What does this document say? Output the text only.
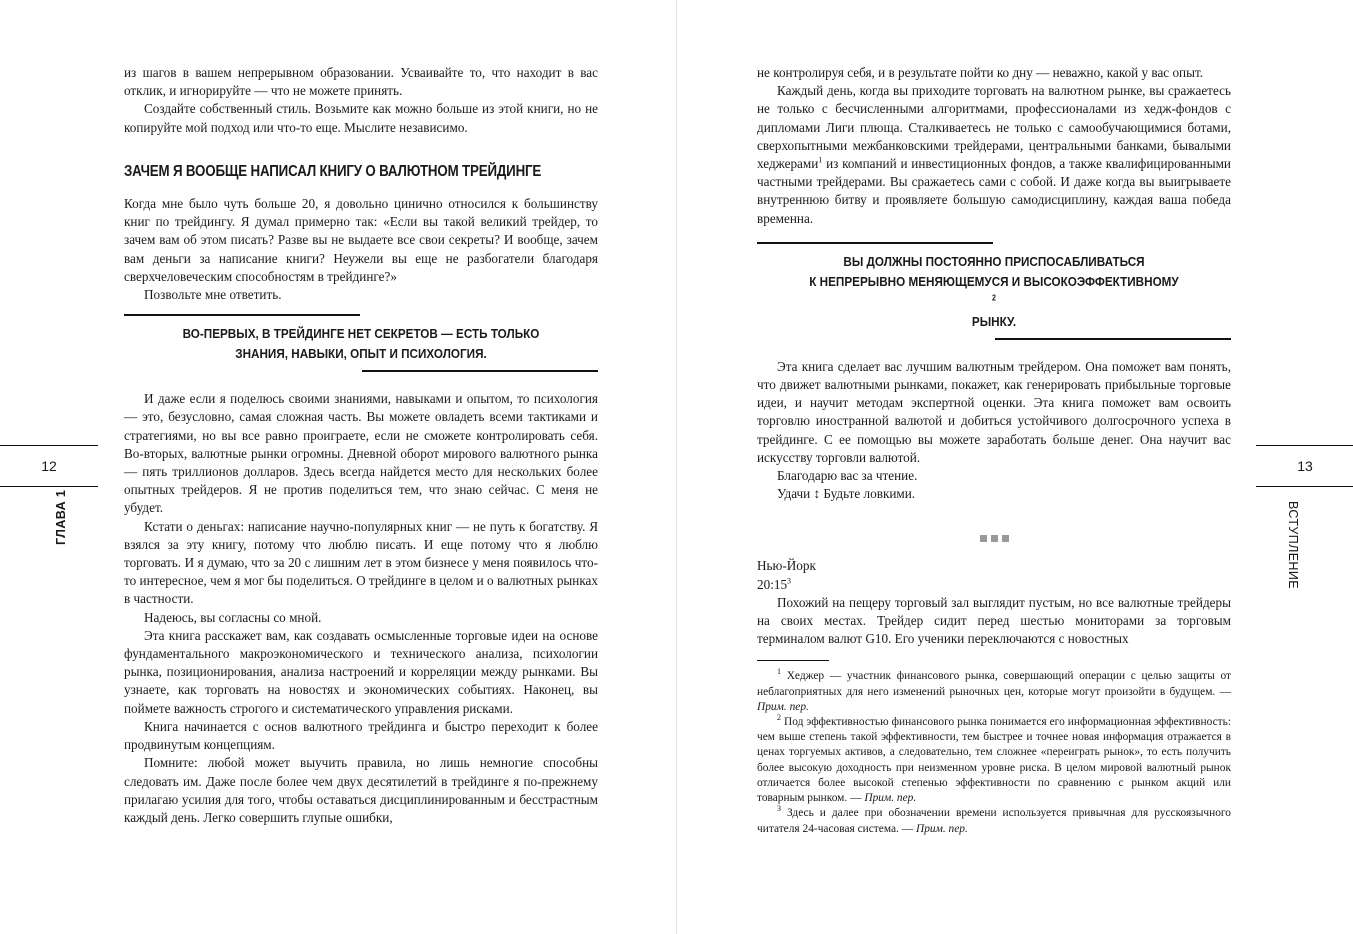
из шагов в вашем непрерывном образовании. Усваивайте то, что находит в вас отклик, и игнорируйте — что не можете принять.

Создайте собственный стиль. Возьмите как можно больше из этой книги, но не копируйте мой подход или что-то еще. Мыслите независимо.

ЗАЧЕМ Я ВООБЩЕ НАПИСАЛ КНИГУ О ВАЛЮТНОМ ТРЕЙДИНГЕ

Когда мне было чуть больше 20, я довольно цинично относился к большинству книг по трейдингу. Я думал примерно так: «Если вы такой великий трейдер, то зачем вам об этом писать? Разве вы не выдаете все свои секреты? И вообще, зачем вам деньги за написание книги? Неужели вы еще не разбогатели благодаря сверхчеловеческим способностям в трейдинге?»

Позвольте мне ответить.

ВО-ПЕРВЫХ, В ТРЕЙДИНГЕ НЕТ СЕКРЕТОВ — ЕСТЬ ТОЛЬКО
ЗНАНИЯ, НАВЫКИ, ОПЫТ И ПСИХОЛОГИЯ.

И даже если я поделюсь своими знаниями, навыками и опытом, то психология — это, безусловно, самая сложная часть. Вы можете овладеть всеми тактиками и стратегиями, но вы все равно проиграете, если не сможете контролировать себя. Во-вторых, валютные рынки огромны. Дневной оборот мирового валютного рынка — пять триллионов долларов. Здесь всегда найдется место для нескольких более опытных трейдеров. Я не против поделиться тем, что знаю сейчас. С меня не убудет.

Кстати о деньгах: написание научно-популярных книг — не путь к богатству. Я взялся за эту книгу, потому что люблю писать. И еще потому что я люблю торговать. И я думаю, что за 20 с лишним лет в этом бизнесе у меня появилось что-то интересное, чем я мог бы поделиться. О трейдинге в целом и о валютных рынках в частности.

Надеюсь, вы согласны со мной.

Эта книга расскажет вам, как создавать осмысленные торговые идеи на основе фундаментального макроэкономического и технического анализа, психологии рынка, позиционирования, анализа настроений и корреляции между рынками. Вы узнаете, как торговать на новостях и экономических событиях. Наконец, вы поймете важность строгого и систематического управления рисками.

Книга начинается с основ валютного трейдинга и быстро переходит к более продвинутым концепциям.

Помните: любой может выучить правила, но лишь немногие способны следовать им. Даже после более чем двух десятилетий в трейдинге я по-прежнему прилагаю усилия для того, чтобы оставаться дисциплинированным и бесстрастным каждый день. Легко совершить глупые ошибки,

12
ГЛАВА 1

не контролируя себя, и в результате пойти ко дну — неважно, какой у вас опыт.

Каждый день, когда вы приходите торговать на валютном рынке, вы сражаетесь не только с бесчисленными алгоритмами, профессионалами из хедж-фондов с дипломами Лиги плюща. Сталкиваетесь не только с самообучающимися ботами, сверхопытными межбанковскими трейдерами, центральными банками, бывалыми хеджерами$^1$ из компаний и инвестиционных фондов, а также квалифицированными частными трейдерами. Вы сражаетесь сами с собой. И даже когда вы выигрываете внутреннюю битву и проявляете большую самодисциплину, каждая ваша победа временна.

ВЫ ДОЛЖНЫ ПОСТОЯННО ПРИСПОСАБЛИВАТЬСЯ
К НЕПРЕРЫВНО МЕНЯЮЩЕМУСЯ И ВЫСОКОЭФФЕКТИВНОМУ
$^2$
РЫНКУ.

Эта книга сделает вас лучшим валютным трейдером. Она поможет вам понять, что движет валютными рынками, покажет, как генерировать прибыльные торговые идеи, и научит методам экспертной оценки. Эта книга поможет вам освоить торговлю иностранной валютой и добиться устойчивого долгосрочного успеха в трейдинге. С ее помощью вы можете заработать больше денег. Она научит вас искусству торговли валютой.

Благодарю вас за чтение.

Удачи ↕ Будьте ловкими.

Нью-Йорк

$20:15^3$

Похожий на пещеру торговый зал выглядит пустым, но все валютные трейдеры на своих местах. Трейдер сидит перед шестью мониторами за торговым терминалом валют G10. Его ученики переключаются с новостных

$^1$ Хеджер — участник финансового рынка, совершающий операции с целью защиты от неблагоприятных для него изменений рыночных цен, которые могут произойти в будущем. — Прим. пер.

$^2$ Под эффективностью финансового рынка понимается его информационная эффективность: чем выше степень такой эффективности, тем быстрее и точнее новая информация отражается в ценах торгуемых активов, а следовательно, тем сложнее «переиграть рынок», то есть получить более высокую доходность при неизменном уровне риска. В целом мировой валютный рынок отличается более высокой степенью эффективности по сравнению с рынком акций или товарным рынком. — Прим. пер.

$^3$ Здесь и далее при обозначении времени используется привычная для русскоязычного читателя 24-часовая система. — Прим. пер.

13
ВСТУПЛЕНИЕ
